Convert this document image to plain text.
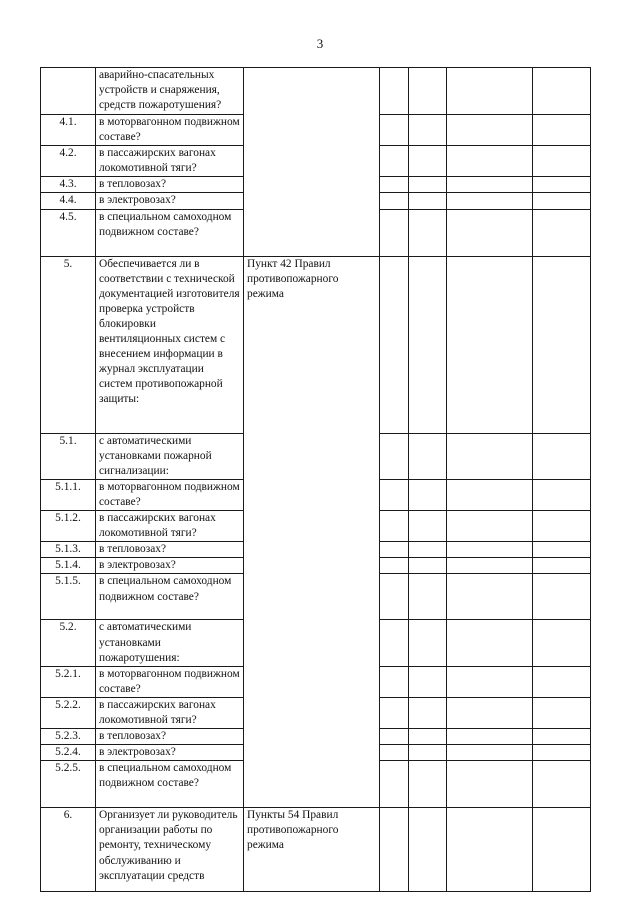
3
	аварийно-спасательных устройств и снаряжения, средств пожаротушения?					
4.1.	в моторвагонном подвижном составе?					
4.2.	в пассажирских вагонах локомотивной тяги?					
4.3.	в тепловозах?					
4.4.	в электровозах?					
4.5.	в специальном самоходном подвижном составе?					
5.	Обеспечивается ли в соответствии с технической документацией изготовителя проверка устройств блокировки вентиляционных систем с внесением информации в журнал эксплуатации систем противопожарной защиты:	Пункт 42 Правил противопожарного режима				
5.1.	с автоматическими установками пожарной сигнализации:					
5.1.1.	в моторвагонном подвижном составе?					
5.1.2.	в пассажирских вагонах локомотивной тяги?					
5.1.3.	в тепловозах?					
5.1.4.	в электровозах?					
5.1.5.	в специальном самоходном подвижном составе?					
5.2.	с автоматическими установками пожаротушения:					
5.2.1.	в моторвагонном подвижном составе?					
5.2.2.	в пассажирских вагонах локомотивной тяги?					
5.2.3.	в тепловозах?					
5.2.4.	в электровозах?					
5.2.5.	в специальном самоходном подвижном составе?					
6.	Организует ли руководитель организации работы по ремонту, техническому обслуживанию и эксплуатации средств	Пункты 54 Правил противопожарного режима				
